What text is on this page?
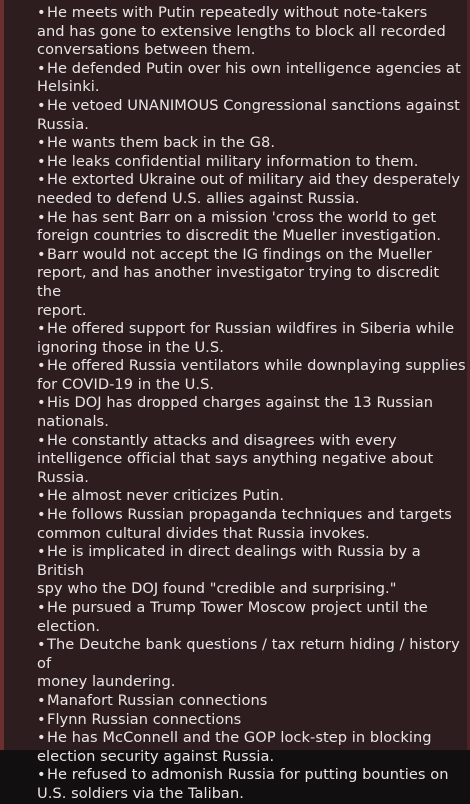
•He meets with Putin repeatedly without note-takers
and has gone to extensive lengths to block all recorded
conversations between them.
•He defended Putin over his own intelligence agencies at
Helsinki.
•He vetoed UNANIMOUS Congressional sanctions against
Russia.
•He wants them back in the G8.
•He leaks confidential military information to them.
•He extorted Ukraine out of military aid they desperately
needed to defend U.S. allies against Russia.
•He has sent Barr on a mission 'cross the world to get
foreign countries to discredit the Mueller investigation.
•Barr would not accept the IG findings on the Mueller
report, and has another investigator trying to discredit the
report.
•He offered support for Russian wildfires in Siberia while
ignoring those in the U.S.
•He offered Russia ventilators while downplaying supplies
for COVID-19 in the U.S.
•His DOJ has dropped charges against the 13 Russian
nationals.
•He constantly attacks and disagrees with every
intelligence official that says anything negative about
Russia.
•He almost never criticizes Putin.
•He follows Russian propaganda techniques and targets
common cultural divides that Russia invokes.
•He is implicated in direct dealings with Russia by a British
spy who the DOJ found "credible and surprising."
•He pursued a Trump Tower Moscow project until the
election.
•The Deutche bank questions / tax return hiding / history of
money laundering.
•Manafort Russian connections
•Flynn Russian connections
•He has McConnell and the GOP lock-step in blocking
election security against Russia.
•He refused to admonish Russia for putting bounties on
U.S. soldiers via the Taliban.
